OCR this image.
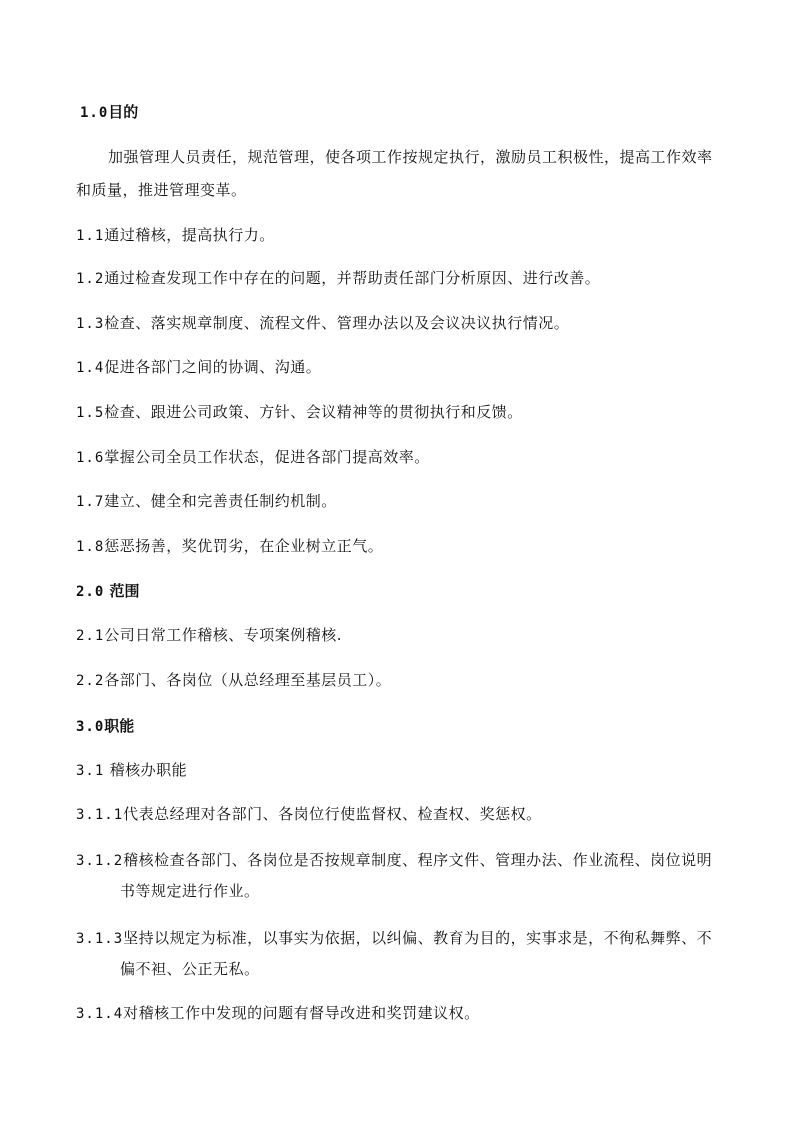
1.0目的
加强管理人员责任，规范管理，使各项工作按规定执行，激励员工积极性，提高工作效率
和质量，推进管理变革。
1.1通过稽核，提高执行力。
1.2通过检查发现工作中存在的问题，并帮助责任部门分析原因、进行改善。
1.3检查、落实规章制度、流程文件、管理办法以及会议决议执行情况。
1.4促进各部门之间的协调、沟通。
1.5检查、跟进公司政策、方针、会议精神等的贯彻执行和反馈。
1.6掌握公司全员工作状态，促进各部门提高效率。
1.7建立、健全和完善责任制约机制。
1.8惩恶扬善，奖优罚劣，在企业树立正气。
2.0 范围
2.1公司日常工作稽核、专项案例稽核.
2.2各部门、各岗位（从总经理至基层员工）。
3.0职能
3.1 稽核办职能
3.1.1代表总经理对各部门、各岗位行使监督权、检查权、奖惩权。
3.1.2稽核检查各部门、各岗位是否按规章制度、程序文件、管理办法、作业流程、岗位说明
书等规定进行作业。
3.1.3坚持以规定为标准，以事实为依据，以纠偏、教育为目的，实事求是，不徇私舞弊、不
偏不袒、公正无私。
3.1.4对稽核工作中发现的问题有督导改进和奖罚建议权。
